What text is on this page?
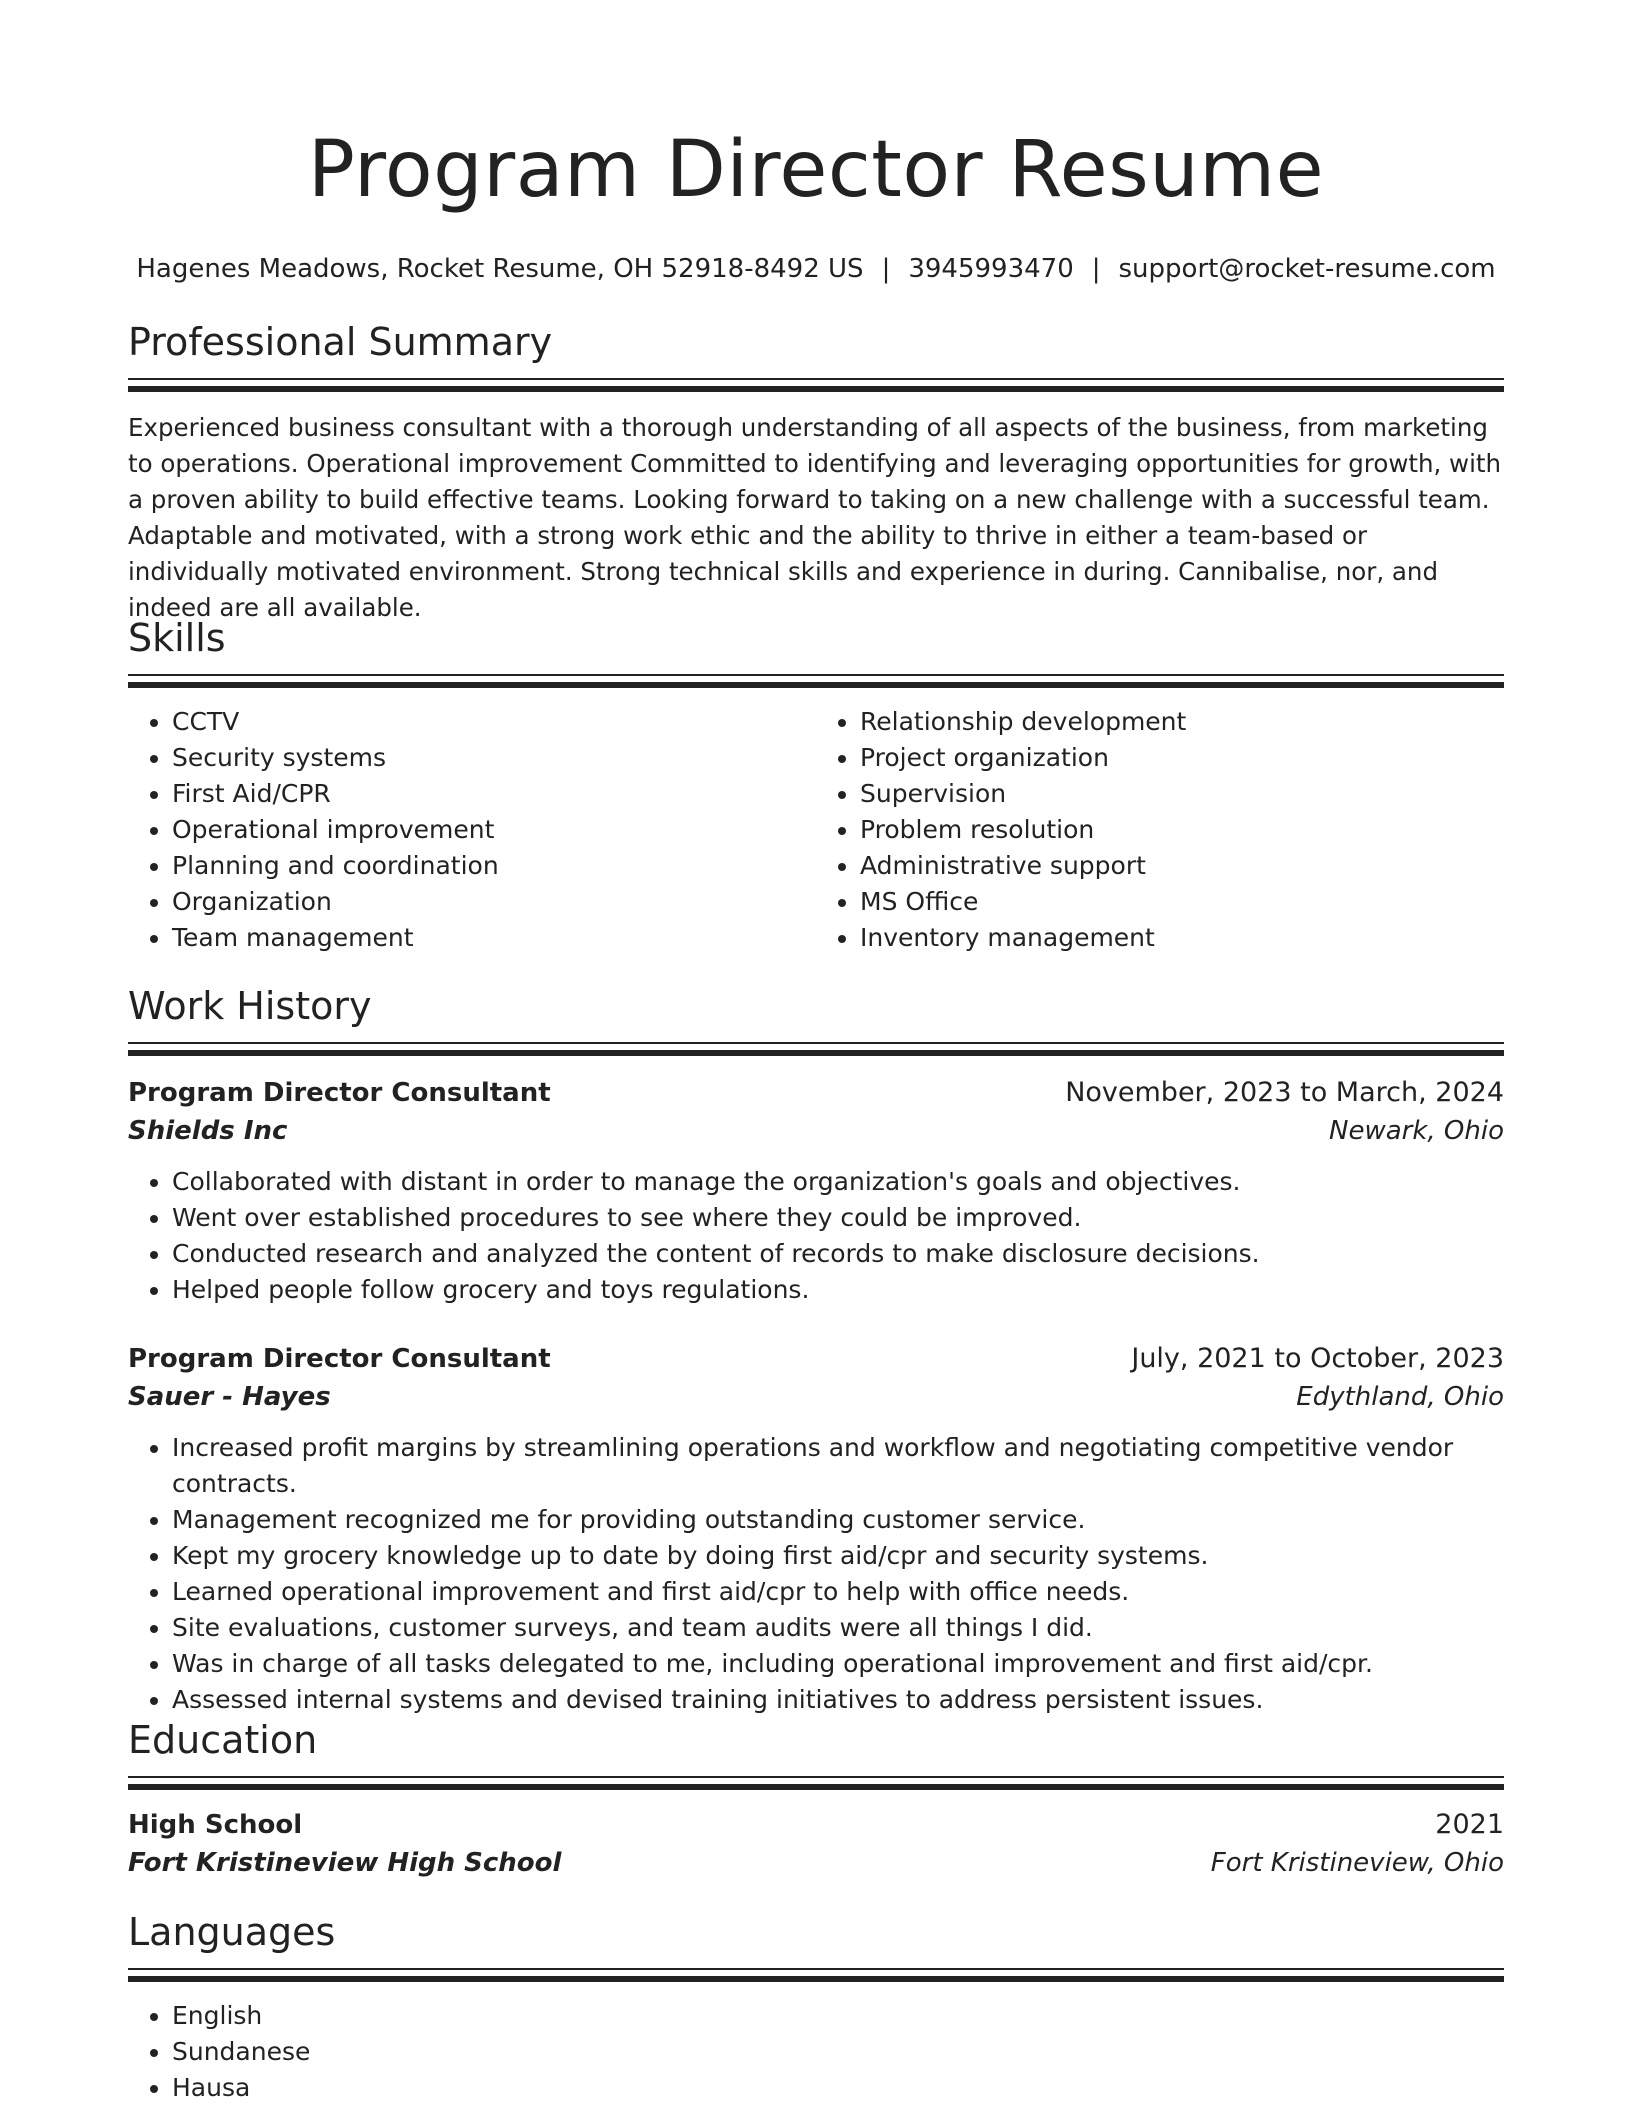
Program Director Resume
Hagenes Meadows, Rocket Resume, OH 52918-8492 US | 3945993470 | support@rocket-resume.com
Professional Summary

Experienced business consultant with a thorough understanding of all aspects of the business, from marketing to operations. Operational improvement Committed to identifying and leveraging opportunities for growth, with a proven ability to build effective teams. Looking forward to taking on a new challenge with a successful team. Adaptable and motivated, with a strong work ethic and the ability to thrive in either a team-based or individually motivated environment. Strong technical skills and experience in during. Cannibalise, nor, and indeed are all available.

Skills
• CCTV
• Security systems
• First Aid/CPR
• Operational improvement
• Planning and coordination
• Organization
• Team management
• Relationship development
• Project organization
• Supervision
• Problem resolution
• Administrative support
• MS Office
• Inventory management
Work History
Program Director Consultant	November, 2023 to March, 2024
Shields Inc	Newark, Ohio
• Collaborated with distant in order to manage the organization's goals and objectives.
• Went over established procedures to see where they could be improved.
• Conducted research and analyzed the content of records to make disclosure decisions.
• Helped people follow grocery and toys regulations.
Program Director Consultant	July, 2021 to October, 2023
Sauer - Hayes	Edythland, Ohio
• Increased profit margins by streamlining operations and workflow and negotiating competitive vendor contracts.
• Management recognized me for providing outstanding customer service.
• Kept my grocery knowledge up to date by doing first aid/cpr and security systems.
• Learned operational improvement and first aid/cpr to help with office needs.
• Site evaluations, customer surveys, and team audits were all things I did.
• Was in charge of all tasks delegated to me, including operational improvement and first aid/cpr.
• Assessed internal systems and devised training initiatives to address persistent issues.
Education
High School	2021
Fort Kristineview High School	Fort Kristineview, Ohio
Languages
• English
• Sundanese
• Hausa
